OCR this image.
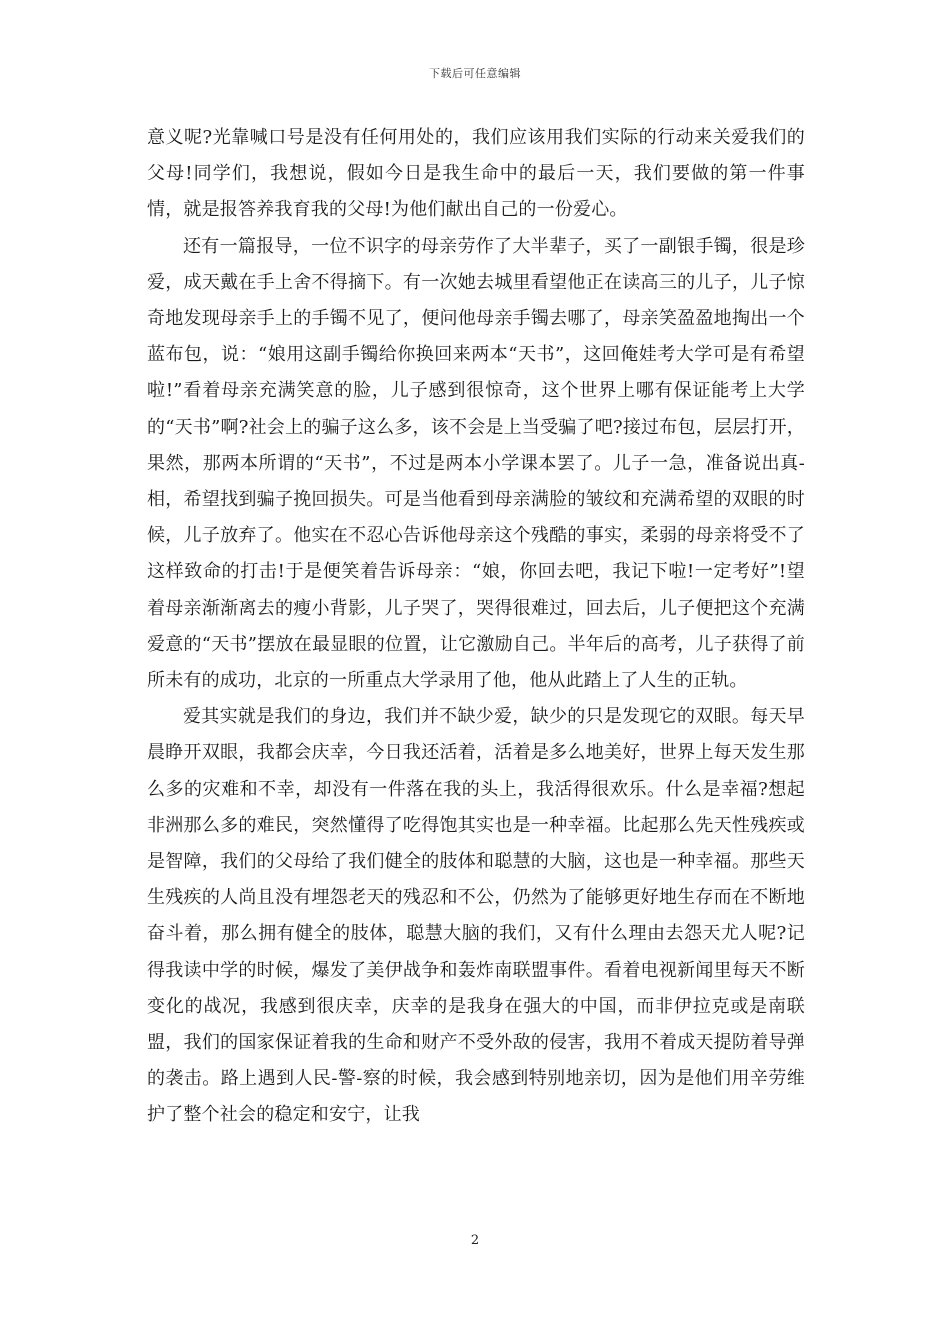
下载后可任意编辑

意义呢?光靠喊口号是没有任何用处的，我们应该用我们实际的行动来关爱我们的父母!同学们，我想说，假如今日是我生命中的最后一天，我们要做的第一件事情，就是报答养我育我的父母!为他们献出自己的一份爱心。

还有一篇报导，一位不识字的母亲劳作了大半辈子，买了一副银手镯，很是珍爱，成天戴在手上舍不得摘下。有一次她去城里看望他正在读高三的儿子，儿子惊奇地发现母亲手上的手镯不见了，便问他母亲手镯去哪了，母亲笑盈盈地掏出一个蓝布包，说：“娘用这副手镯给你换回来两本“天书”，这回俺娃考大学可是有希望啦!”看着母亲充满笑意的脸，儿子感到很惊奇，这个世界上哪有保证能考上大学的“天书”啊?社会上的骗子这么多，该不会是上当受骗了吧?接过布包，层层打开，果然，那两本所谓的“天书”，不过是两本小学课本罢了。儿子一急，准备说出真-相，希望找到骗子挽回损失。可是当他看到母亲满脸的皱纹和充满希望的双眼的时候，儿子放弃了。他实在不忍心告诉他母亲这个残酷的事实，柔弱的母亲将受不了这样致命的打击!于是便笑着告诉母亲：“娘，你回去吧，我记下啦!一定考好”!望着母亲渐渐离去的瘦小背影，儿子哭了，哭得很难过，回去后，儿子便把这个充满爱意的“天书”摆放在最显眼的位置，让它激励自己。半年后的高考，儿子获得了前所未有的成功，北京的一所重点大学录用了他，他从此踏上了人生的正轨。

爱其实就是我们的身边，我们并不缺少爱，缺少的只是发现它的双眼。每天早晨睁开双眼，我都会庆幸，今日我还活着，活着是多么地美好，世界上每天发生那么多的灾难和不幸，却没有一件落在我的头上，我活得很欢乐。什么是幸福?想起非洲那么多的难民，突然懂得了吃得饱其实也是一种幸福。比起那么先天性残疾或是智障，我们的父母给了我们健全的肢体和聪慧的大脑，这也是一种幸福。那些天生残疾的人尚且没有埋怨老天的残忍和不公，仍然为了能够更好地生存而在不断地奋斗着，那么拥有健全的肢体，聪慧大脑的我们，又有什么理由去怨天尤人呢?记得我读中学的时候，爆发了美伊战争和轰炸南联盟事件。看着电视新闻里每天不断变化的战况，我感到很庆幸，庆幸的是我身在强大的中国，而非伊拉克或是南联盟，我们的国家保证着我的生命和财产不受外敌的侵害，我用不着成天提防着导弹的袭击。路上遇到人民-警-察的时候，我会感到特别地亲切，因为是他们用辛劳维护了整个社会的稳定和安宁，让我

2
